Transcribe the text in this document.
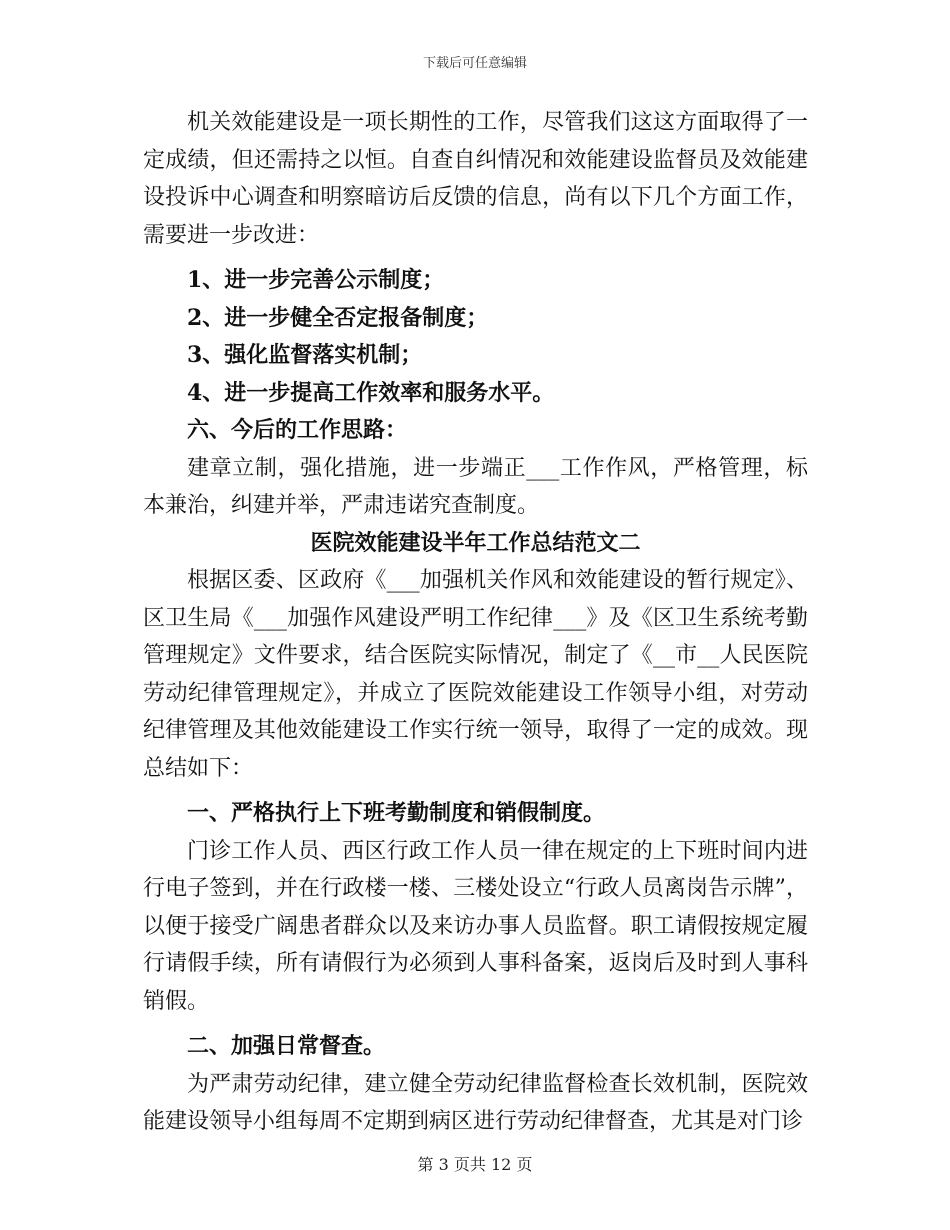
下载后可任意编辑

机关效能建设是一项长期性的工作，尽管我们这这方面取得了一定成绩，但还需持之以恒。自查自纠情况和效能建设监督员及效能建设投诉中心调查和明察暗访后反馈的信息，尚有以下几个方面工作，需要进一步改进：

1、进一步完善公示制度；

2、进一步健全否定报备制度；

3、强化监督落实机制；

4、进一步提高工作效率和服务水平。

六、今后的工作思路：

建章立制，强化措施，进一步端正___工作作风，严格管理，标本兼治，纠建并举，严肃违诺究查制度。

医院效能建设半年工作总结范文二

根据区委、区政府《___加强机关作风和效能建设的暂行规定》、区卫生局《___加强作风建设严明工作纪律___》及《区卫生系统考勤管理规定》文件要求，结合医院实际情况，制定了《__市__人民医院劳动纪律管理规定》，并成立了医院效能建设工作领导小组，对劳动纪律管理及其他效能建设工作实行统一领导，取得了一定的成效。现总结如下：

一、严格执行上下班考勤制度和销假制度。

门诊工作人员、西区行政工作人员一律在规定的上下班时间内进行电子签到，并在行政楼一楼、三楼处设立“行政人员离岗告示牌”，以便于接受广阔患者群众以及来访办事人员监督。职工请假按规定履行请假手续，所有请假行为必须到人事科备案，返岗后及时到人事科销假。

二、加强日常督查。

为严肃劳动纪律，建立健全劳动纪律监督检查长效机制，医院效能建设领导小组每周不定期到病区进行劳动纪律督查，尤其是对门诊

第 3 页共 12 页
